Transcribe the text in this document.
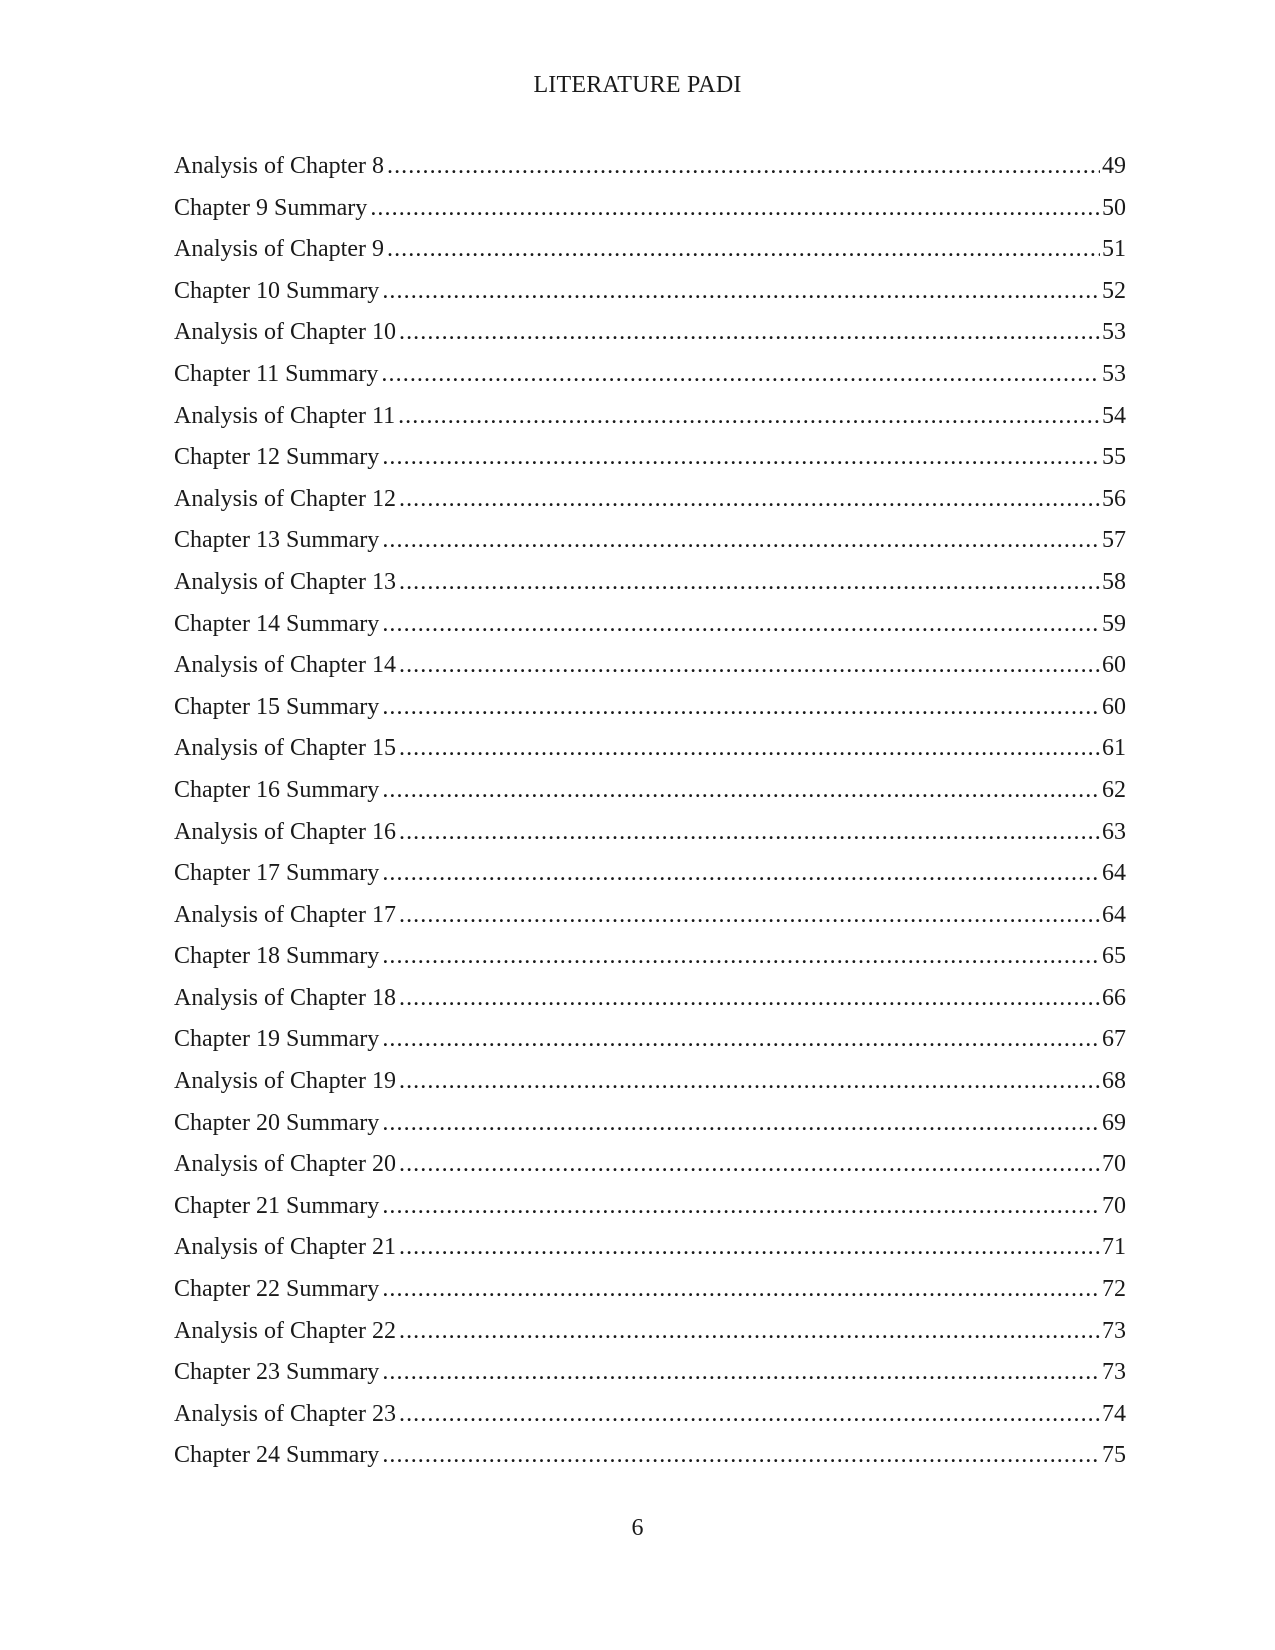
LITERATURE PADI
Analysis of Chapter 8 .....	49
Chapter 9 Summary .....	50
Analysis of Chapter 9 .....	51
Chapter 10 Summary .....	52
Analysis of Chapter 10 .....	53
Chapter 11 Summary .....	53
Analysis of Chapter 11 .....	54
Chapter 12 Summary .....	55
Analysis of Chapter 12 .....	56
Chapter 13 Summary .....	57
Analysis of Chapter 13 .....	58
Chapter 14 Summary .....	59
Analysis of Chapter 14 .....	60
Chapter 15 Summary .....	60
Analysis of Chapter 15 .....	61
Chapter 16 Summary .....	62
Analysis of Chapter 16 .....	63
Chapter 17 Summary .....	64
Analysis of Chapter 17 .....	64
Chapter 18 Summary .....	65
Analysis of Chapter 18 .....	66
Chapter 19 Summary .....	67
Analysis of Chapter 19 .....	68
Chapter 20 Summary .....	69
Analysis of Chapter 20 .....	70
Chapter 21 Summary .....	70
Analysis of Chapter 21 .....	71
Chapter 22 Summary .....	72
Analysis of Chapter 22 .....	73
Chapter 23 Summary .....	73
Analysis of Chapter 23 .....	74
Chapter 24 Summary .....	75
6
